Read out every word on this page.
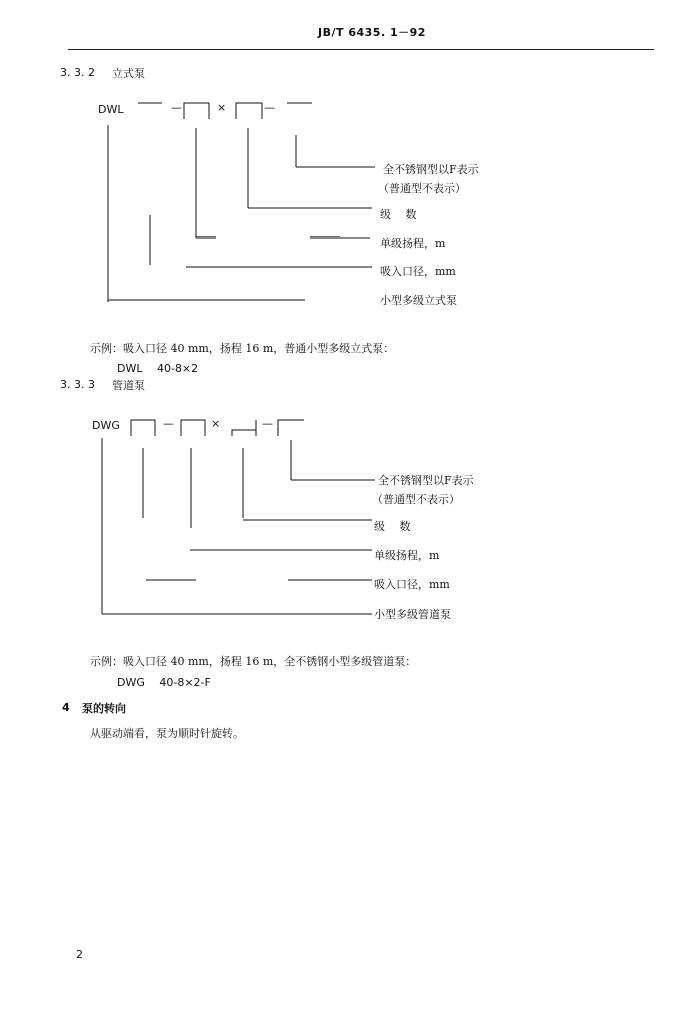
JB/T 6435. 1－92
3. 3. 2 立式泵
DWL	—	×	—
全不锈钢型以F表示
（普通型不表示）
级　 数
单级扬程，m
吸入口径，mm
小型多级立式泵
示例：吸入口径 40 mm，扬程 16 m，普通小型多级立式泵：
DWL　 40-8×2
3. 3. 3 管道泵
DWG	—	×	—
全不锈钢型以F表示
（普通型不表示）
级　 数
单级扬程，m
吸入口径，mm
小型多级管道泵
示例：吸入口径 40 mm，扬程 16 m，全不锈钢小型多级管道泵：
DWG　 40-8×2-F
4 泵的转向
从驱动端看，泵为顺时针旋转。
2
